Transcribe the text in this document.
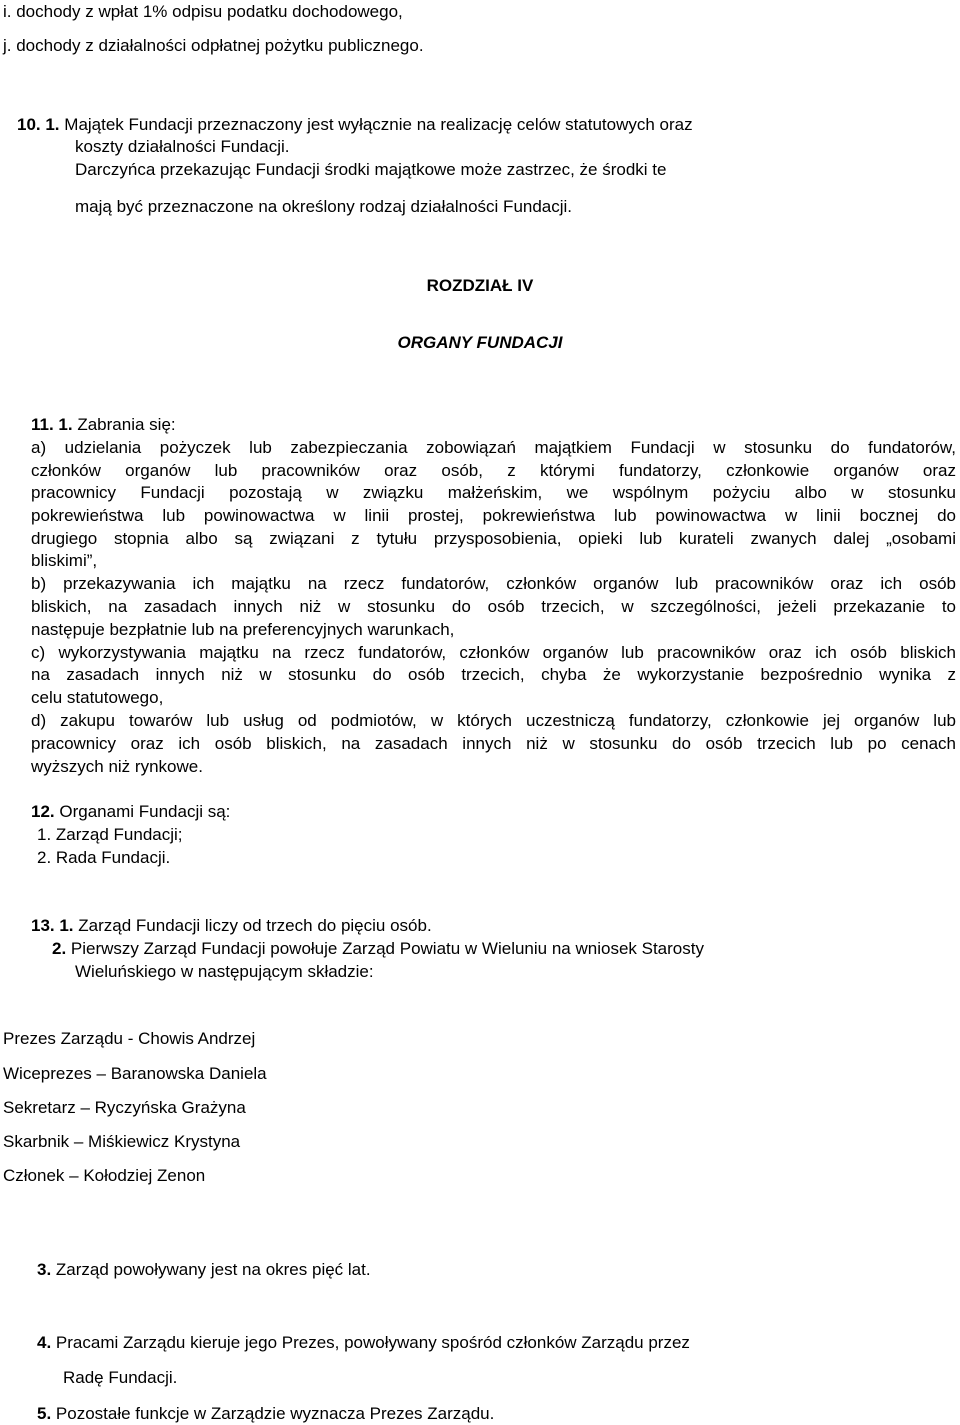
i. dochody z wpłat 1% odpisu podatku dochodowego,
j. dochody z działalności odpłatnej pożytku publicznego.
10. 1. Majątek Fundacji przeznaczony jest wyłącznie na realizację celów statutowych oraz
koszty działalności Fundacji.
Darczyńca przekazując Fundacji środki majątkowe może zastrzec, że środki te
mają być przeznaczone na określony rodzaj działalności Fundacji.
ROZDZIAŁ IV
ORGANY FUNDACJI
11. 1. Zabrania się:
a) udzielania pożyczek lub zabezpieczania zobowiązań majątkiem Fundacji w stosunku do fundatorów,
członków organów lub pracowników oraz osób, z którymi fundatorzy, członkowie organów oraz
pracownicy Fundacji pozostają w związku małżeńskim, we wspólnym pożyciu albo w stosunku
pokrewieństwa lub powinowactwa w linii prostej, pokrewieństwa lub powinowactwa w linii bocznej do
drugiego stopnia albo są związani z tytułu przysposobienia, opieki lub kurateli zwanych dalej „osobami
bliskimi”,
b) przekazywania ich majątku na rzecz fundatorów, członków organów lub pracowników oraz ich osób
bliskich, na zasadach innych niż w stosunku do osób trzecich, w szczególności, jeżeli przekazanie to
następuje bezpłatnie lub na preferencyjnych warunkach,
c) wykorzystywania majątku na rzecz fundatorów, członków organów lub pracowników oraz ich osób bliskich
na zasadach innych niż w stosunku do osób trzecich, chyba że wykorzystanie bezpośrednio wynika z
celu statutowego,
d) zakupu towarów lub usług od podmiotów, w których uczestniczą fundatorzy, członkowie jej organów lub
pracownicy oraz ich osób bliskich, na zasadach innych niż w stosunku do osób trzecich lub po cenach
wyższych niż rynkowe.
12. Organami Fundacji są:
1. Zarząd Fundacji;
2. Rada Fundacji.
13. 1. Zarząd Fundacji liczy od trzech do pięciu osób.
2. Pierwszy Zarząd Fundacji powołuje Zarząd Powiatu w Wieluniu na wniosek Starosty
Wieluńskiego w następującym składzie:
Prezes Zarządu - Chowis Andrzej
Wiceprezes – Baranowska Daniela
Sekretarz – Ryczyńska Grażyna
Skarbnik – Miśkiewicz Krystyna
Członek – Kołodziej Zenon
3. Zarząd powoływany jest na okres pięć lat.
4. Pracami Zarządu kieruje jego Prezes, powoływany spośród członków Zarządu przez
Radę Fundacji.
5. Pozostałe funkcje w Zarządzie wyznacza Prezes Zarządu.
